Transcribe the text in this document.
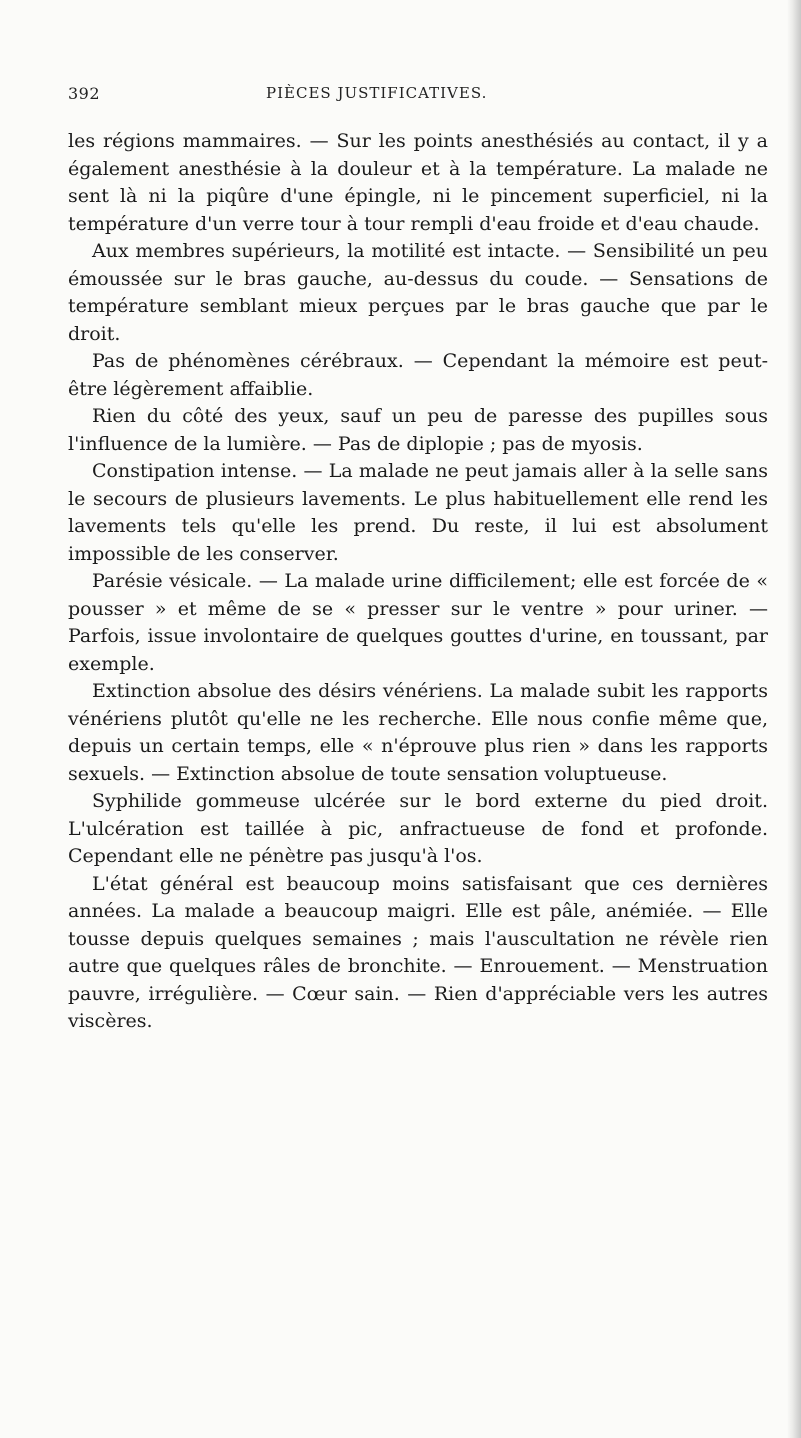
392	PIÈCES JUSTIFICATIVES.

les régions mammaires. — Sur les points anesthésiés au contact, il y a également anesthésie à la douleur et à la température. La malade ne sent là ni la piqûre d'une épingle, ni le pincement superficiel, ni la température d'un verre tour à tour rempli d'eau froide et d'eau chaude.

Aux membres supérieurs, la motilité est intacte. — Sensibilité un peu émoussée sur le bras gauche, au-dessus du coude. — Sensations de température semblant mieux perçues par le bras gauche que par le droit.

Pas de phénomènes cérébraux. — Cependant la mémoire est peut-être légèrement affaiblie.

Rien du côté des yeux, sauf un peu de paresse des pupilles sous l'influence de la lumière. — Pas de diplopie ; pas de myosis.

Constipation intense. — La malade ne peut jamais aller à la selle sans le secours de plusieurs lavements. Le plus habituellement elle rend les lavements tels qu'elle les prend. Du reste, il lui est absolument impossible de les conserver.

Parésie vésicale. — La malade urine difficilement; elle est forcée de « pousser » et même de se « presser sur le ventre » pour uriner. — Parfois, issue involontaire de quelques gouttes d'urine, en toussant, par exemple.

Extinction absolue des désirs vénériens. La malade subit les rapports vénériens plutôt qu'elle ne les recherche. Elle nous confie même que, depuis un certain temps, elle « n'éprouve plus rien » dans les rapports sexuels. — Extinction absolue de toute sensation voluptueuse.

Syphilide gommeuse ulcérée sur le bord externe du pied droit. L'ulcération est taillée à pic, anfractueuse de fond et profonde. Cependant elle ne pénètre pas jusqu'à l'os.

L'état général est beaucoup moins satisfaisant que ces dernières années. La malade a beaucoup maigri. Elle est pâle, anémiée. — Elle tousse depuis quelques semaines ; mais l'auscultation ne révèle rien autre que quelques râles de bronchite. — Enrouement. — Menstruation pauvre, irrégulière. — Cœur sain. — Rien d'appréciable vers les autres viscères.
